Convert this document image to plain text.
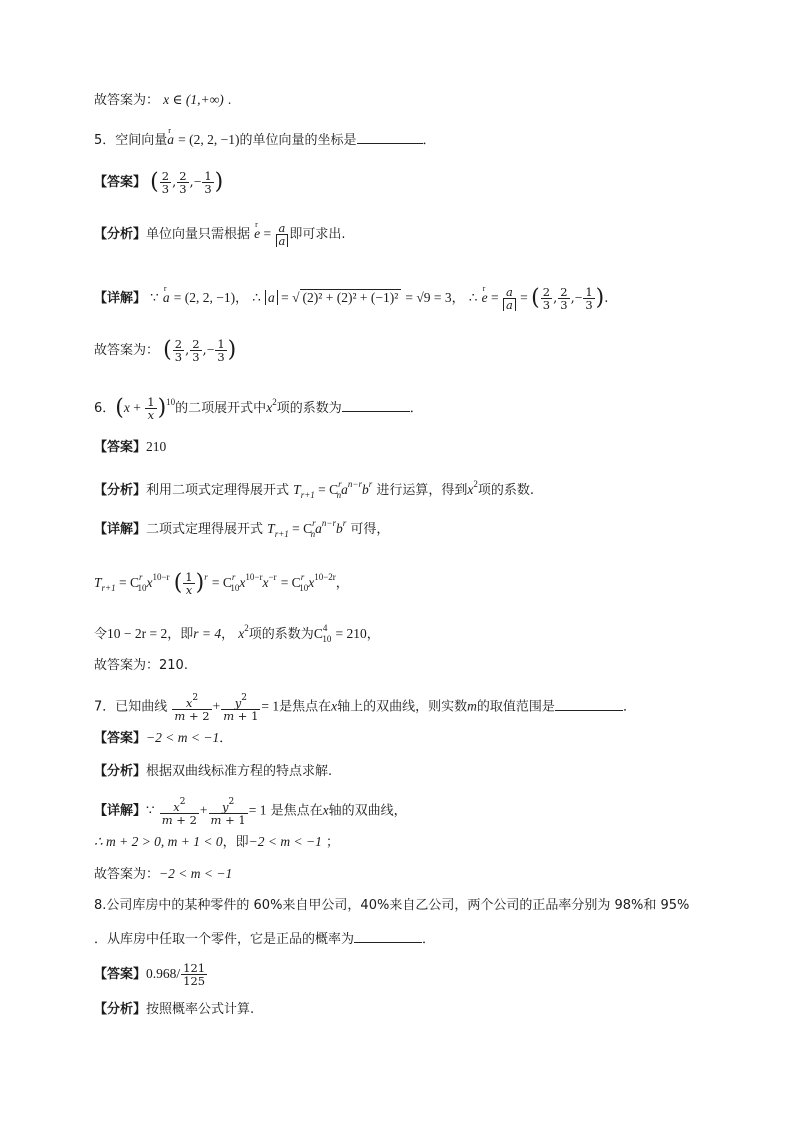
故答案为： x ∈ (1,+∞) .
5．空间向量r a = (2, 2, −1)的单位向量的坐标是	．
【答案】 ( $\frac{2}{3}$ , $\frac{2}{3}$ ,− $\frac{1}{3}$ )
【分析】单位向量只需根据 r $e = \frac{a}{a}$ 即可求出.
【详解】 ∵ r a = (2, 2, −1)， ∴ a = √ (2)² + (2)² + (−1)² = √9 = 3， ∴ r $e = \frac{a}{a}$ = ( $\frac{2}{3}$ , $\frac{2}{3}$ ,− $\frac{1}{3}$ ).
故答案为： ( $\frac{2}{3}$ , $\frac{2}{3}$ ,− $\frac{1}{3}$ )
6．$(x + \frac{1}{x} )^{10}$的二项展开式中$x^2$项的系数为	．
【答案】210
【分析】利用二项式定理得展开式 $T_{r+1} = C^r_na^{n-r}b^r$ 进行运算，得到$x^2$项的系数.
【详解】二项式定理得展开式 $T_{r+1} = C^r_na^{n-r}b^r$ 可得，
$T_{r+1} = C^r_{10}x^{10-r}$ ( $\frac{1}{x} )^r = C^r_{10}x^{10-r}x^{-r} = C^r_{10}x^{10-2r}$，
令10 − 2r = 2，即r = 4， $x^2$项的系数为$C^4_{10} = 210$，
故答案为：210.
7．已知曲线 $\frac{x^2}{m + 2} + \frac{y^2}{m + 1} = 1$是焦点在x轴上的双曲线，则实数m的取值范围是	．
【答案】−2 < m < −1．
【分析】根据双曲线标准方程的特点求解.
【详解】∵ $\frac{x^2}{m + 2} + \frac{y^2}{m + 1} = 1$ 是焦点在x轴的双曲线，
∴ m + 2 > 0, m + 1 < 0，即−2 < m < −1 ；
故答案为：−2 < m < −1
8.公司库房中的某种零件的 60%来自甲公司，40%来自乙公司，两个公司的正品率分别为 98%和 95%
．从库房中任取一个零件，它是正品的概率为	．
【答案】$0.968/ \frac{121}{125}$
【分析】按照概率公式计算.
